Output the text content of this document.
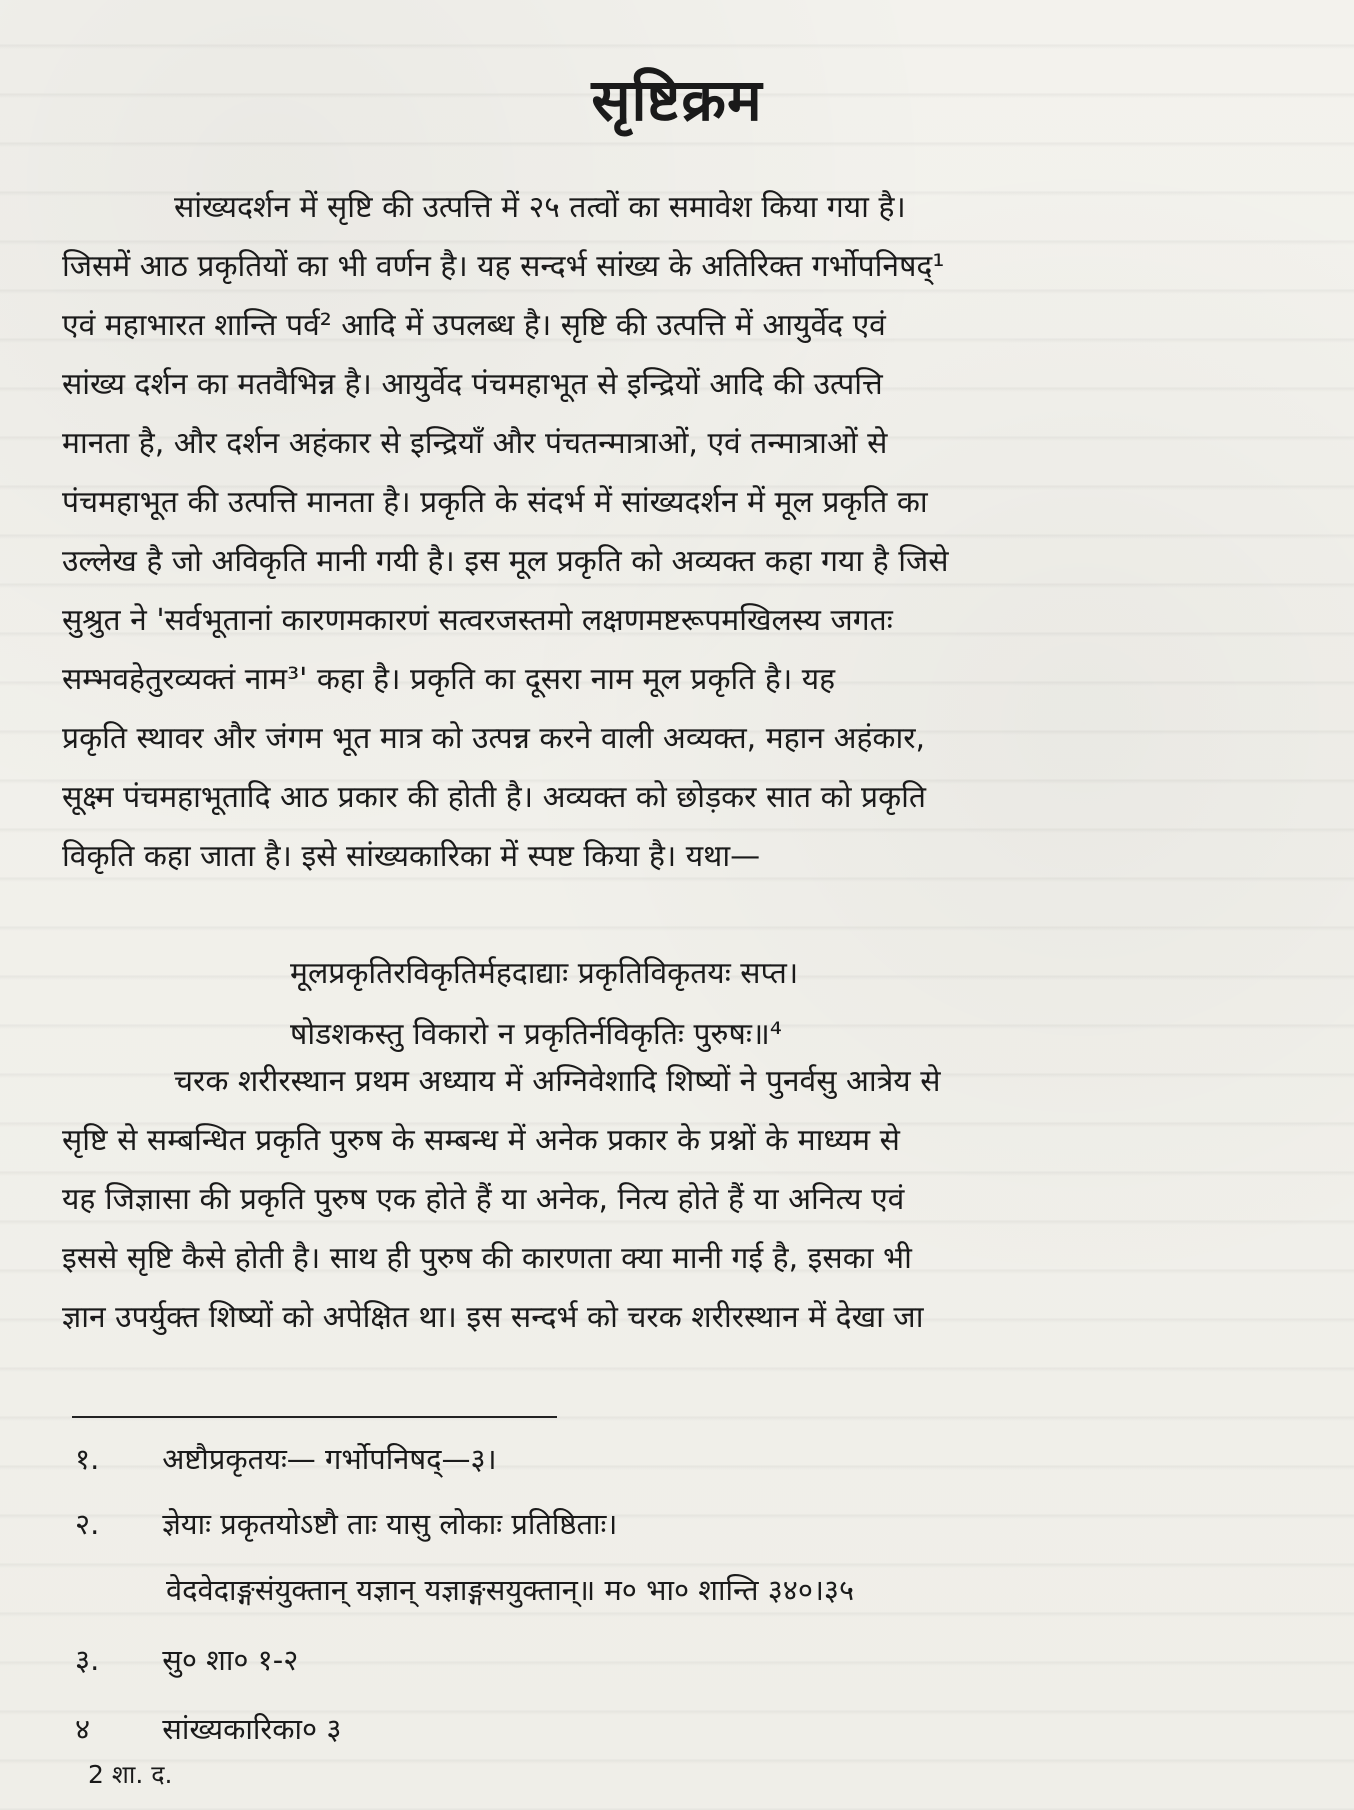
सृष्टिक्रम
सांख्यदर्शन में सृष्टि की उत्पत्ति में २५ तत्वों का समावेश किया गया है।
जिसमें आठ प्रकृतियों का भी वर्णन है। यह सन्दर्भ सांख्य के अतिरिक्त गर्भोपनिषद्¹
एवं महाभारत शान्ति पर्व² आदि में उपलब्ध है। सृष्टि की उत्पत्ति में आयुर्वेद एवं
सांख्य दर्शन का मतवैभिन्न है। आयुर्वेद पंचमहाभूत से इन्द्रियों आदि की उत्पत्ति
मानता है, और दर्शन अहंकार से इन्द्रियाँ और पंचतन्मात्राओं, एवं तन्मात्राओं से
पंचमहाभूत की उत्पत्ति मानता है। प्रकृति के संदर्भ में सांख्यदर्शन में मूल प्रकृति का
उल्लेख है जो अविकृति मानी गयी है। इस मूल प्रकृति को अव्यक्त कहा गया है जिसे
सुश्रुत ने 'सर्वभूतानां कारणमकारणं सत्वरजस्तमो लक्षणमष्टरूपमखिलस्य जगतः
सम्भवहेतुरव्यक्तं नाम³' कहा है। प्रकृति का दूसरा नाम मूल प्रकृति है। यह
प्रकृति स्थावर और जंगम भूत मात्र को उत्पन्न करने वाली अव्यक्त, महान अहंकार,
सूक्ष्म पंचमहाभूतादि आठ प्रकार की होती है। अव्यक्त को छोड़कर सात को प्रकृति
विकृति कहा जाता है। इसे सांख्यकारिका में स्पष्ट किया है। यथा—
मूलप्रकृतिरविकृतिर्महदाद्याः प्रकृतिविकृतयः सप्त।
षोडशकस्तु विकारो न प्रकृतिर्नविकृतिः पुरुषः॥⁴
चरक शरीरस्थान प्रथम अध्याय में अग्निवेशादि शिष्यों ने पुनर्वसु आत्रेय से
सृष्टि से सम्बन्धित प्रकृति पुरुष के सम्बन्ध में अनेक प्रकार के प्रश्नों के माध्यम से
यह जिज्ञासा की प्रकृति पुरुष एक होते हैं या अनेक, नित्य होते हैं या अनित्य एवं
इससे सृष्टि कैसे होती है। साथ ही पुरुष की कारणता क्या मानी गई है, इसका भी
ज्ञान उपर्युक्त शिष्यों को अपेक्षित था। इस सन्दर्भ को चरक शरीरस्थान में देखा जा
१. अष्टौप्रकृतयः— गर्भोपनिषद्—३।
२. ज्ञेयाः प्रकृतयोऽष्टौ ताः यासु लोकाः प्रतिष्ठिताः।
वेदवेदाङ्गसंयुक्तान् यज्ञान् यज्ञाङ्गसयुक्तान्॥ म० भा० शान्ति ३४०।३५
३. सु० शा० १-२
४ सांख्यकारिका० ३
2 शा. द.
